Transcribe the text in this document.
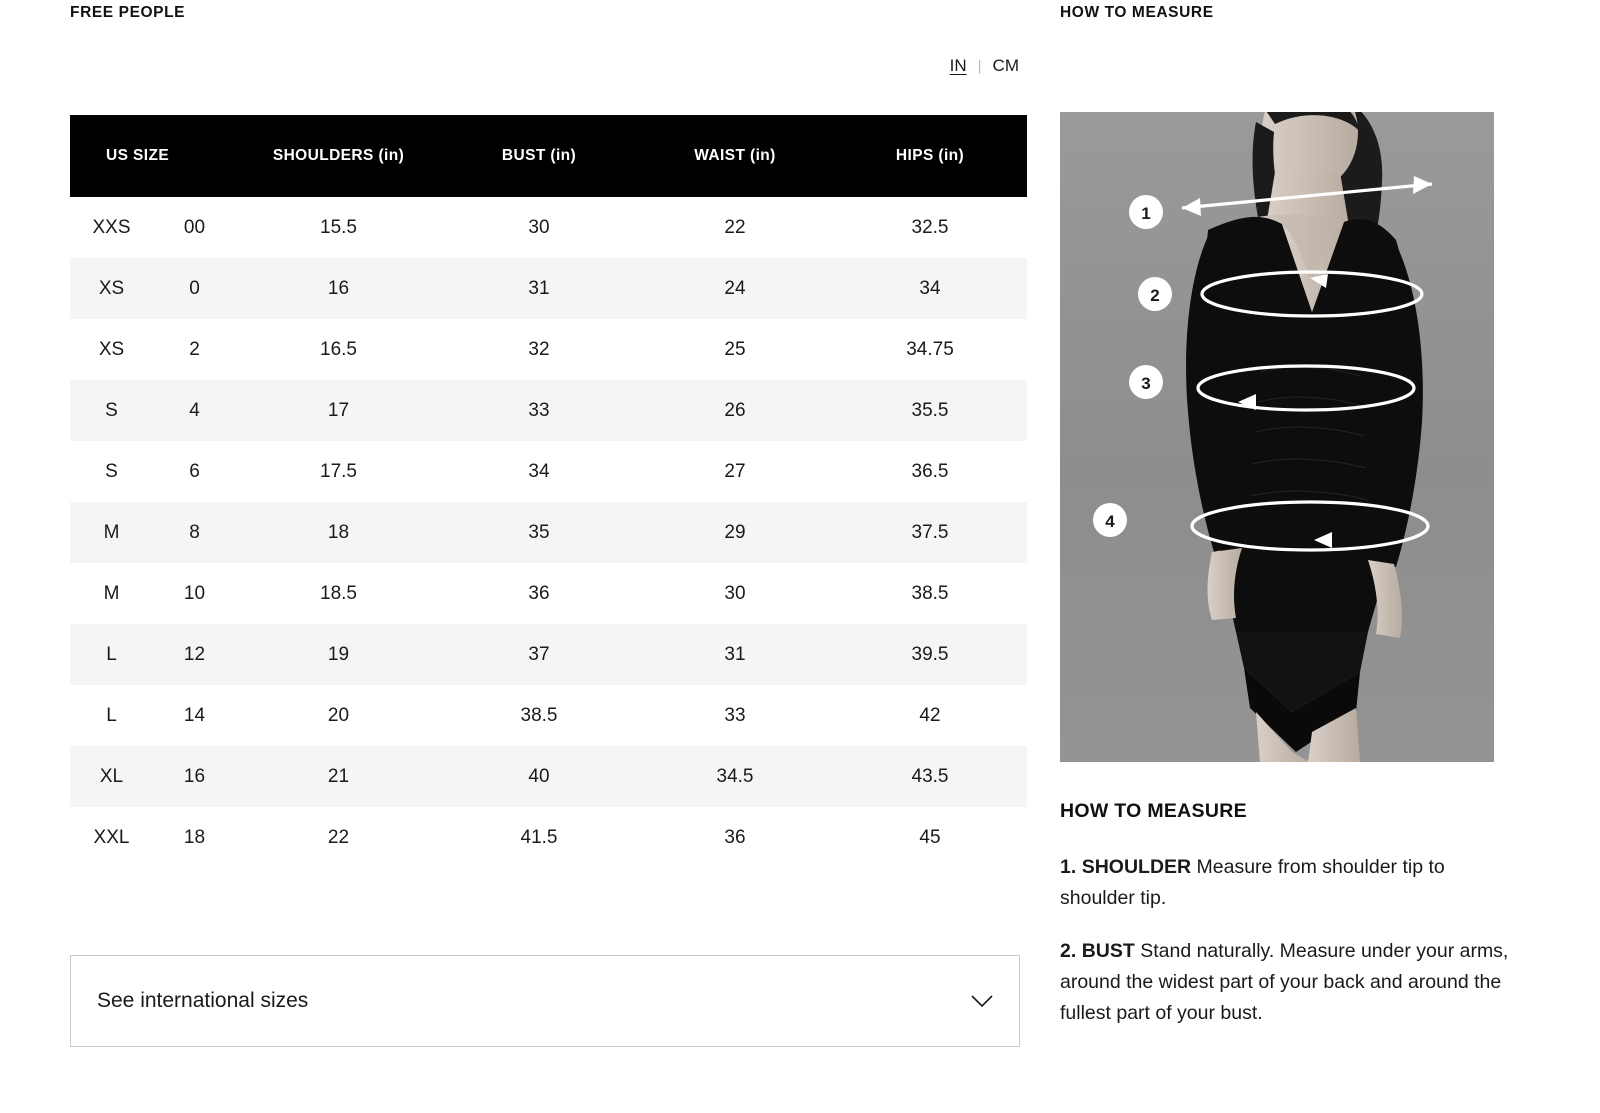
FREE PEOPLE
IN | CM
US SIZE		SHOULDERS (in)	BUST (in)	WAIST (in)	HIPS (in)
XXS	00	15.5	30	22	32.5
XS	0	16	31	24	34
XS	2	16.5	32	25	34.75
S	4	17	33	26	35.5
S	6	17.5	34	27	36.5
M	8	18	35	29	37.5
M	10	18.5	36	30	38.5
L	12	19	37	31	39.5
L	14	20	38.5	33	42
XL	16	21	40	34.5	43.5
XXL	18	22	41.5	36	45
See international sizes
HOW TO MEASURE
1
2
3
4
HOW TO MEASURE
1. SHOULDER Measure from shoulder tip to shoulder tip.
2. BUST Stand naturally. Measure under your arms, around the widest part of your back and around the fullest part of your bust.
